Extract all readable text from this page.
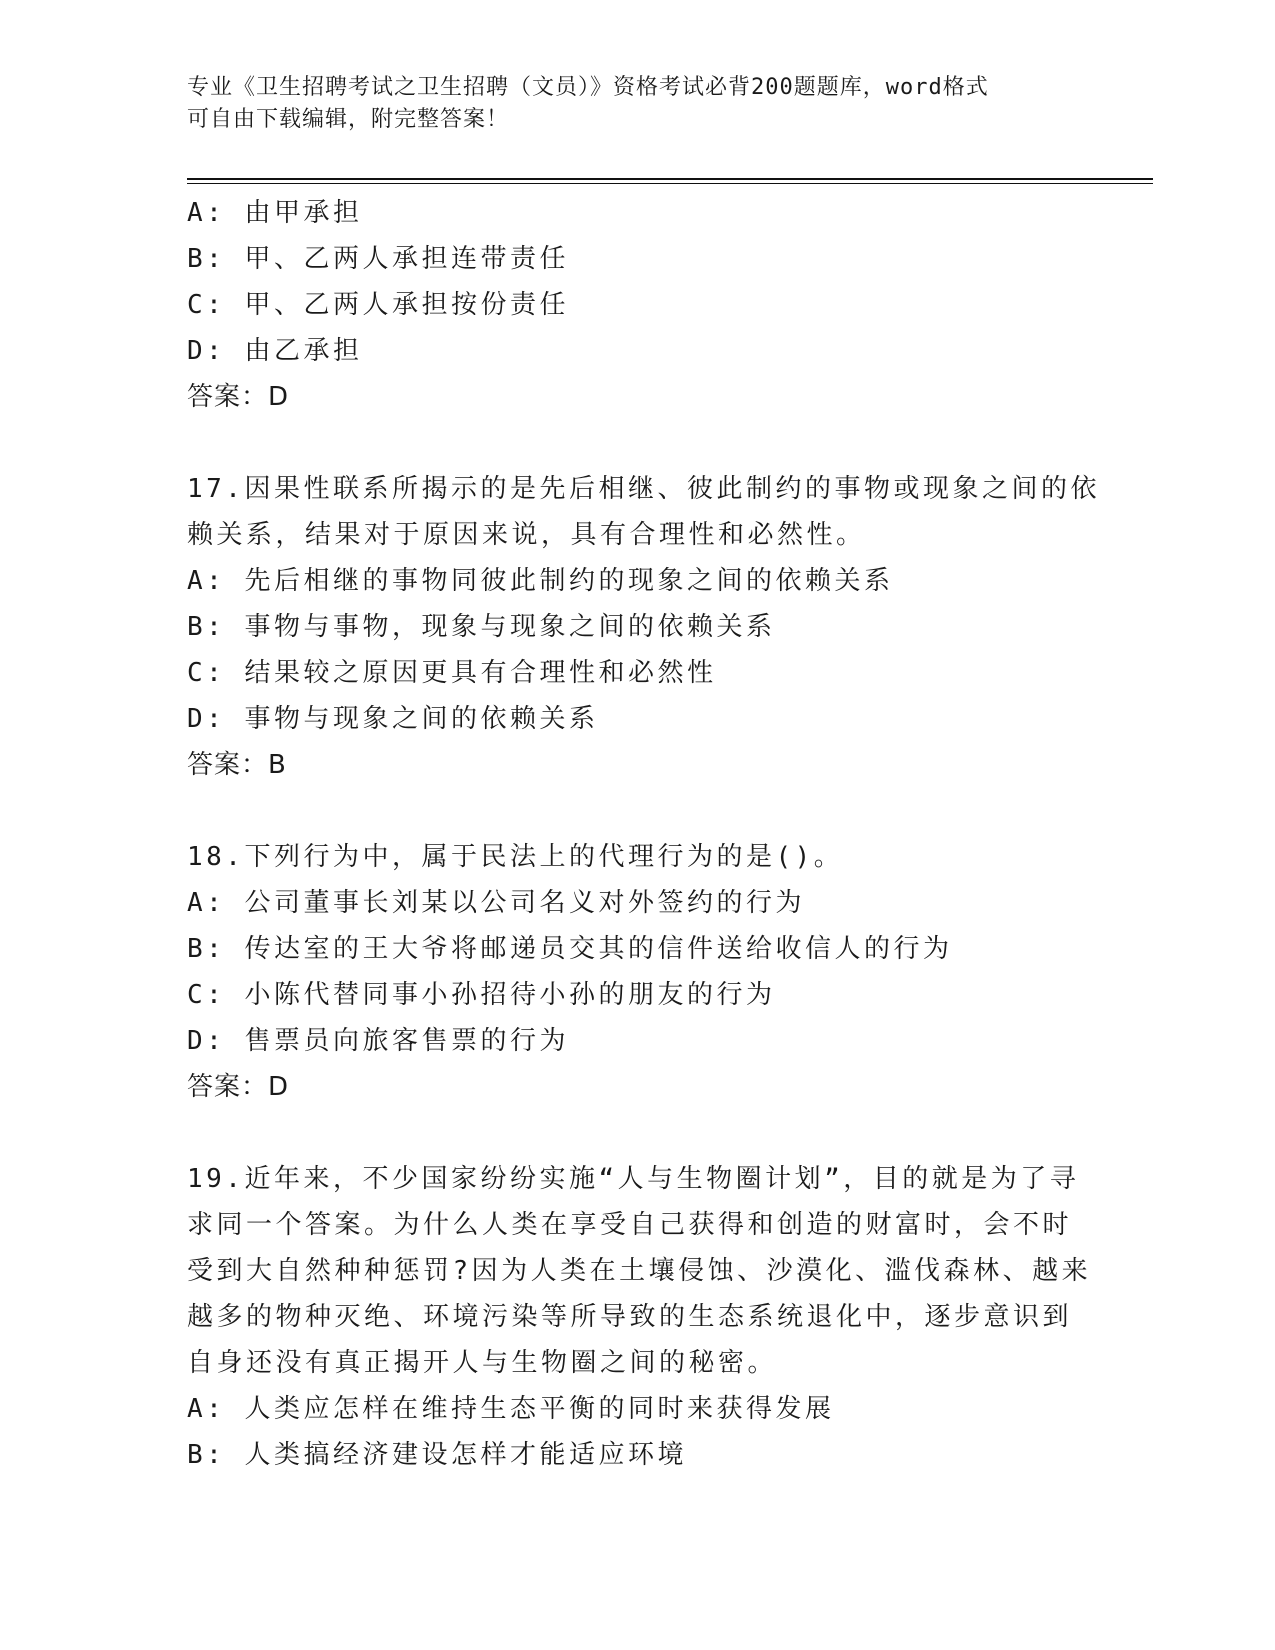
专业《卫生招聘考试之卫生招聘（文员）》资格考试必背200题题库，word格式
可自由下载编辑，附完整答案！
A: 由甲承担
B: 甲、乙两人承担连带责任
C: 甲、乙两人承担按份责任
D: 由乙承担
答案：D
17.因果性联系所揭示的是先后相继、彼此制约的事物或现象之间的依
赖关系，结果对于原因来说，具有合理性和必然性。
A: 先后相继的事物同彼此制约的现象之间的依赖关系
B: 事物与事物，现象与现象之间的依赖关系
C: 结果较之原因更具有合理性和必然性
D: 事物与现象之间的依赖关系
答案：B
18.下列行为中，属于民法上的代理行为的是()。
A: 公司董事长刘某以公司名义对外签约的行为
B: 传达室的王大爷将邮递员交其的信件送给收信人的行为
C: 小陈代替同事小孙招待小孙的朋友的行为
D: 售票员向旅客售票的行为
答案：D
19.近年来，不少国家纷纷实施“人与生物圈计划”，目的就是为了寻
求同一个答案。为什么人类在享受自己获得和创造的财富时，会不时
受到大自然种种惩罚?因为人类在土壤侵蚀、沙漠化、滥伐森林、越来
越多的物种灭绝、环境污染等所导致的生态系统退化中，逐步意识到
自身还没有真正揭开人与生物圈之间的秘密。
A: 人类应怎样在维持生态平衡的同时来获得发展
B: 人类搞经济建设怎样才能适应环境
